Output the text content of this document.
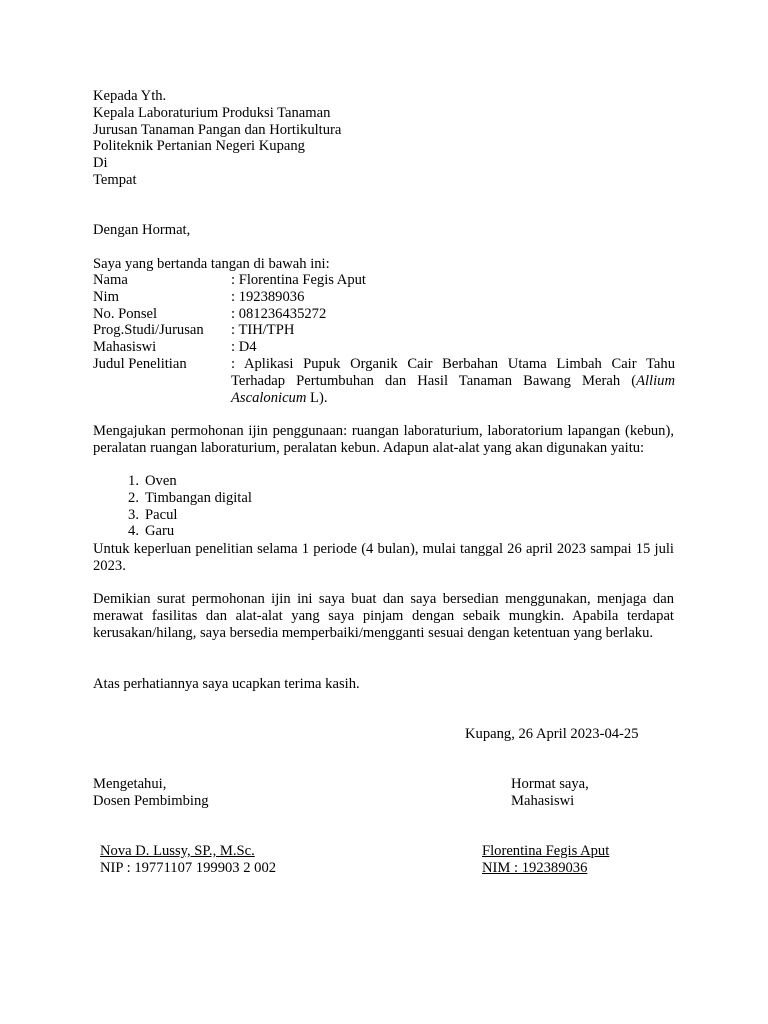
Kepada Yth.
Kepala Laboraturium Produksi Tanaman
Jurusan Tanaman Pangan dan Hortikultura
Politeknik Pertanian Negeri Kupang
Di
Tempat

Dengan Hormat,

Saya yang bertanda tangan di bawah ini:

Nama	: Florentina Fegis Aput
Nim	: 192389036
No. Ponsel	: 081236435272
Prog.Studi/Jurusan	: TIH/TPH
Mahasiswi	: D4
Judul Penelitian	: Aplikasi Pupuk Organik Cair Berbahan Utama Limbah Cair Tahu Terhadap Pertumbuhan dan Hasil Tanaman Bawang Merah (Allium Ascalonicum L).

Mengajukan permohonan ijin penggunaan: ruangan laboraturium, laboratorium lapangan (kebun), peralatan ruangan laboraturium, peralatan kebun. Adapun alat-alat yang akan digunakan yaitu:

1. Oven
2. Timbangan digital
3. Pacul
4. Garu

Untuk keperluan penelitian selama 1 periode (4 bulan), mulai tanggal 26 april 2023 sampai 15 juli 2023.

Demikian surat permohonan ijin ini saya buat dan saya bersedian menggunakan, menjaga dan merawat fasilitas dan alat-alat yang saya pinjam dengan sebaik mungkin. Apabila terdapat kerusakan/hilang, saya bersedia memperbaiki/mengganti sesuai dengan ketentuan yang berlaku.

Atas perhatiannya saya ucapkan terima kasih.

Kupang, 26 April 2023-04-25

Mengetahui,
Dosen Pembimbing
Hormat saya,
Mahasiswi
Nova D. Lussy, SP., M.Sc.
NIP : 19771107 199903 2 002
Florentina Fegis Aput
NIM : 192389036
